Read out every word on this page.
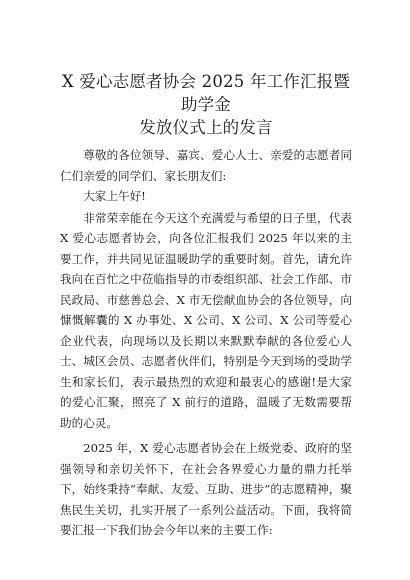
X 爱心志愿者协会 2025 年工作汇报暨助学金
发放仪式上的发言

尊敬的各位领导、嘉宾、爱心人士、亲爱的志愿者同仁们亲爱的同学们、家长朋友们:

大家上午好!

非常荣幸能在今天这个充满爱与希望的日子里，代表 X 爱心志愿者协会，向各位汇报我们 2025 年以来的主要工作，并共同见证温暖助学的重要时刻。首先，请允许我向在百忙之中莅临指导的市委组织部、社会工作部、市民政局、市慈善总会、X 市无偿献血协会的各位领导，向慷慨解囊的 X 办事处、X 公司、X 公司、X 公司等爱心企业代表，向现场以及长期以来默默奉献的各位爱心人士、城区会员、志愿者伙伴们，特别是今天到场的受助学生和家长们，表示最热烈的欢迎和最衷心的感谢!是大家的爱心汇聚，照亮了 X 前行的道路，温暖了无数需要帮助的心灵。

2025 年，X 爱心志愿者协会在上级党委、政府的坚强领导和亲切关怀下，在社会各界爱心力量的鼎力托举下，始终秉持“奉献、友爱、互助、进步”的志愿精神，聚焦民生关切，扎实开展了一系列公益活动。下面，我将简要汇报一下我们协会今年以来的主要工作:
